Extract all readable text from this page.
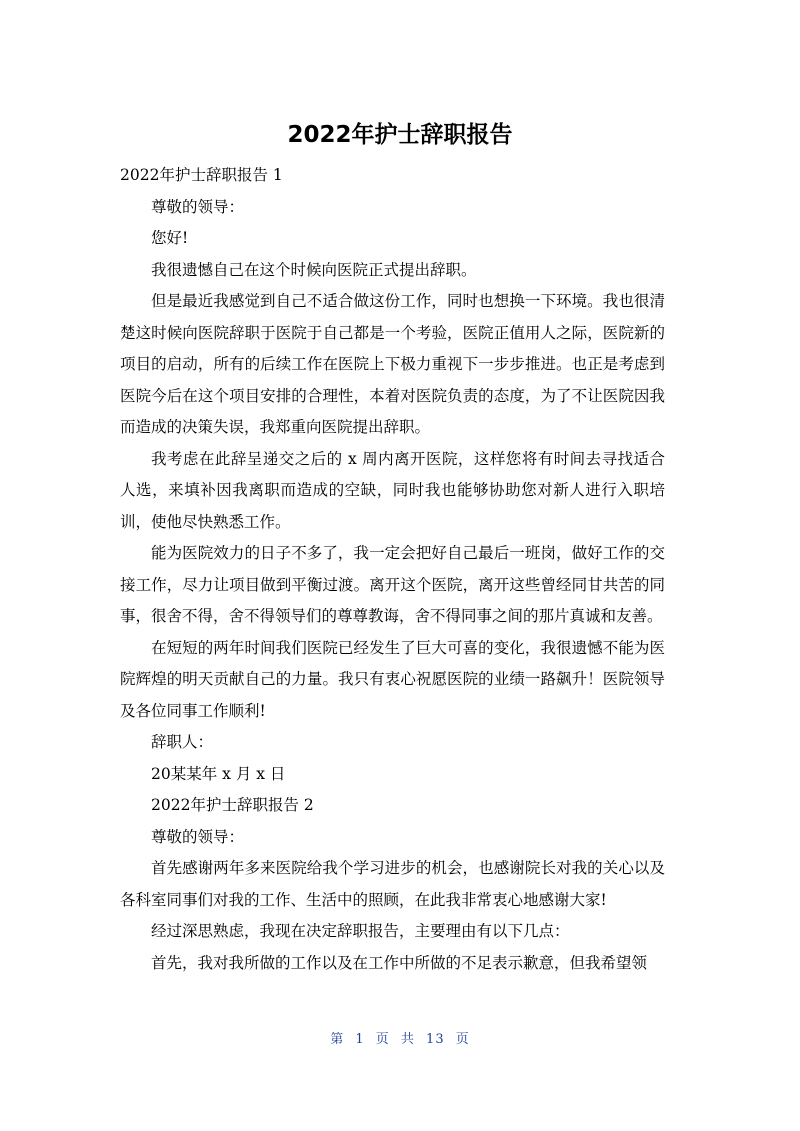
2022年护士辞职报告

2022年护士辞职报告 1

尊敬的领导：

您好!

我很遗憾自己在这个时候向医院正式提出辞职。

但是最近我感觉到自己不适合做这份工作，同时也想换一下环境。我也很清楚这时候向医院辞职于医院于自己都是一个考验，医院正值用人之际，医院新的项目的启动，所有的后续工作在医院上下极力重视下一步步推进。也正是考虑到医院今后在这个项目安排的合理性，本着对医院负责的态度，为了不让医院因我而造成的决策失误，我郑重向医院提出辞职。

我考虑在此辞呈递交之后的 x 周内离开医院，这样您将有时间去寻找适合人选，来填补因我离职而造成的空缺，同时我也能够协助您对新人进行入职培训，使他尽快熟悉工作。

能为医院效力的日子不多了，我一定会把好自己最后一班岗，做好工作的交接工作，尽力让项目做到平衡过渡。离开这个医院，离开这些曾经同甘共苦的同事，很舍不得，舍不得领导们的尊尊教诲，舍不得同事之间的那片真诚和友善。

在短短的两年时间我们医院已经发生了巨大可喜的变化，我很遗憾不能为医院辉煌的明天贡献自己的力量。我只有衷心祝愿医院的业绩一路飙升！医院领导及各位同事工作顺利!

辞职人：

20某某年 x 月 x 日

2022年护士辞职报告 2

尊敬的领导：

首先感谢两年多来医院给我个学习进步的机会，也感谢院长对我的关心以及各科室同事们对我的工作、生活中的照顾，在此我非常衷心地感谢大家!

经过深思熟虑，我现在决定辞职报告，主要理由有以下几点：

首先，我对我所做的工作以及在工作中所做的不足表示歉意，但我希望领

第 1 页 共 13 页
